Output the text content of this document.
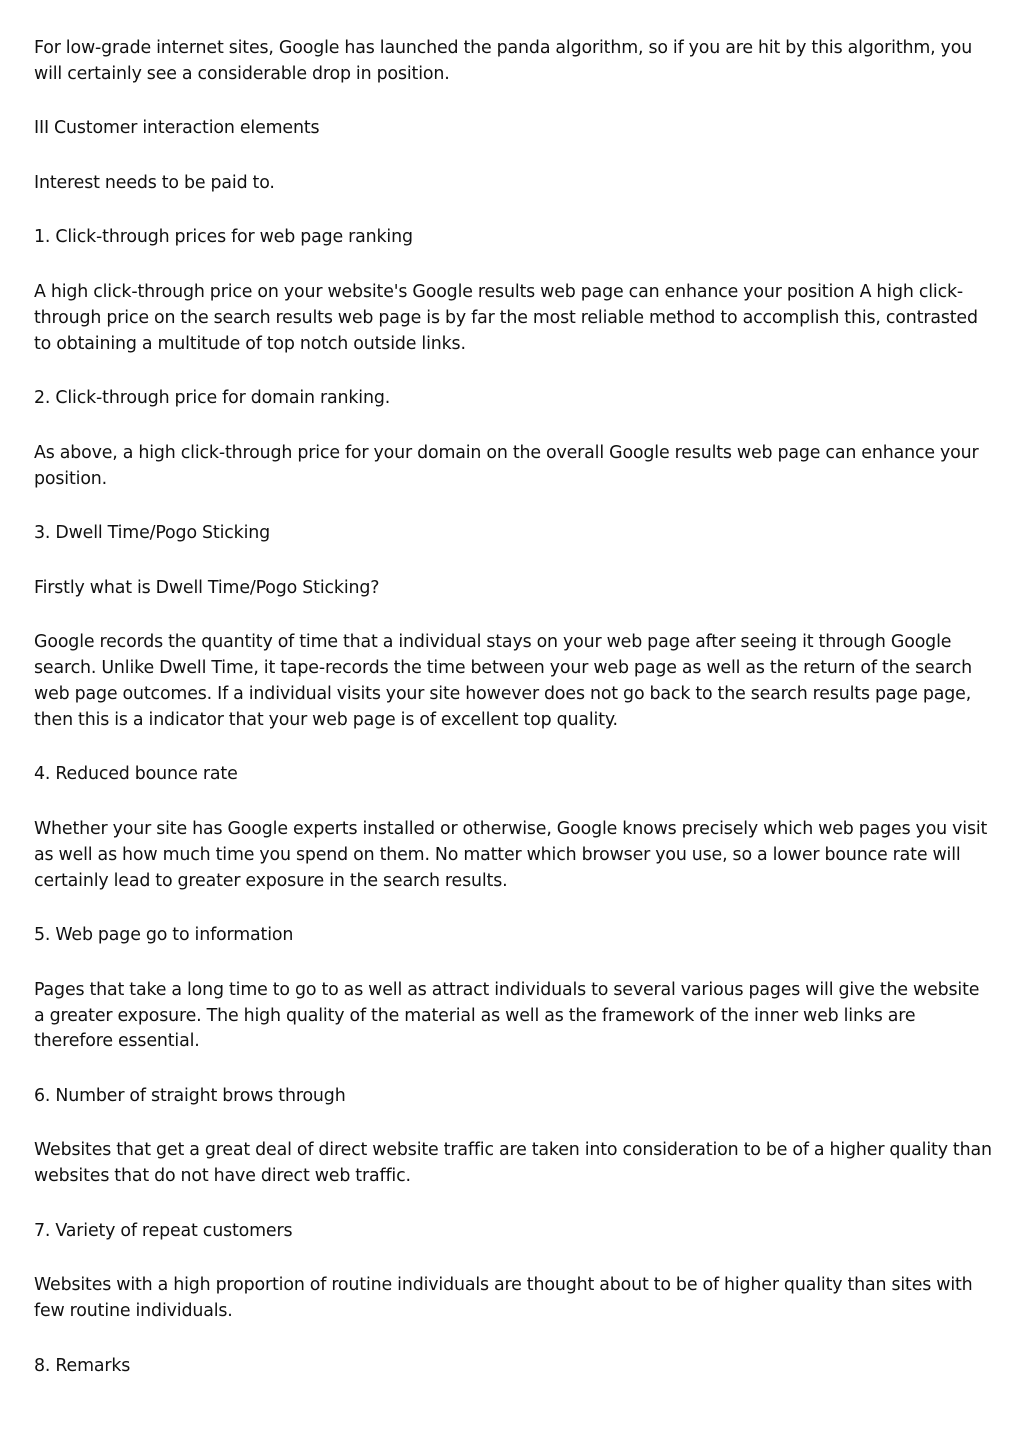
For low-grade internet sites, Google has launched the panda algorithm, so if you are hit by this algorithm, you will certainly see a considerable drop in position.

III Customer interaction elements

Interest needs to be paid to.

1. Click-through prices for web page ranking

A high click-through price on your website's Google results web page can enhance your position A high click-through price on the search results web page is by far the most reliable method to accomplish this, contrasted to obtaining a multitude of top notch outside links.

2. Click-through price for domain ranking.

As above, a high click-through price for your domain on the overall Google results web page can enhance your position.

3. Dwell Time/Pogo Sticking

Firstly what is Dwell Time/Pogo Sticking?

Google records the quantity of time that a individual stays on your web page after seeing it through Google search. Unlike Dwell Time, it tape-records the time between your web page as well as the return of the search web page outcomes. If a individual visits your site however does not go back to the search results page page, then this is a indicator that your web page is of excellent top quality.

4. Reduced bounce rate

Whether your site has Google experts installed or otherwise, Google knows precisely which web pages you visit as well as how much time you spend on them. No matter which browser you use, so a lower bounce rate will certainly lead to greater exposure in the search results.

5. Web page go to information

Pages that take a long time to go to as well as attract individuals to several various pages will give the website a greater exposure. The high quality of the material as well as the framework of the inner web links are therefore essential.

6. Number of straight brows through

Websites that get a great deal of direct website traffic are taken into consideration to be of a higher quality than websites that do not have direct web traffic.

7. Variety of repeat customers

Websites with a high proportion of routine individuals are thought about to be of higher quality than sites with few routine individuals.

8. Remarks
